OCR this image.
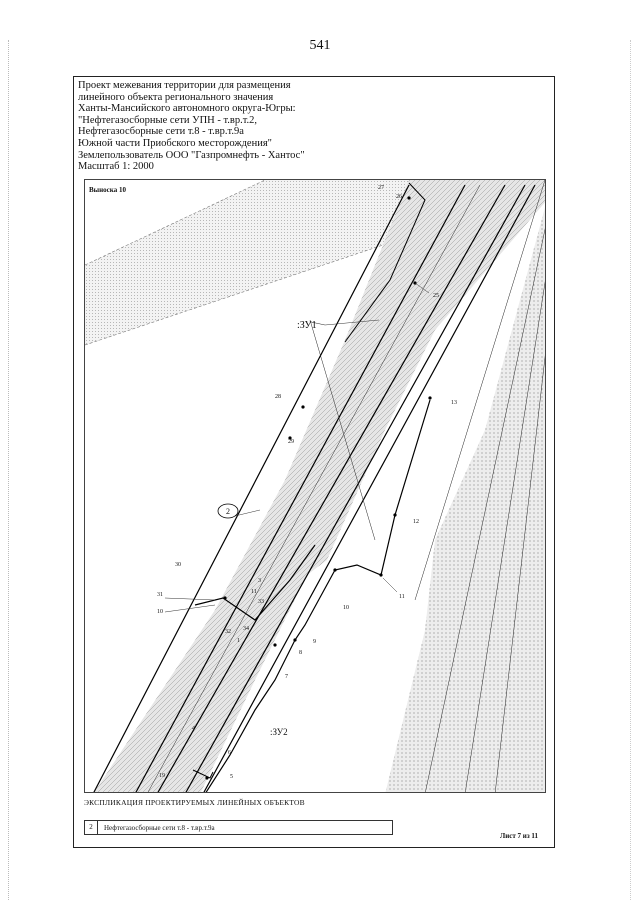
541
Проект межевания территории для размещения
линейного объекта регионального значения
Ханты-Мансийского автономного округа-Югры:
"Нефтегазосборные сети УПН - т.вр.т.2,
Нефтегазосборные сети т.8 - т.вр.т.9а
Южной части Приобского месторождения"
Землепользователь ООО "Газпромнефть - Хантос"
Масштаб 1: 2000
27
26
25
:ЗУ1
28
29
13
12
11
10
30
31
10
11
3
33
32 34
1	9
8
7
:ЗУ2
4
6
5
19
2
Выноска 10
ЭКСПЛИКАЦИЯ ПРОЕКТИРУЕМЫХ ЛИНЕЙНЫХ ОБЪЕКТОВ
2	Нефтегазосборные сети т.8 - т.вр.т.9а
Лист 7 из 11
